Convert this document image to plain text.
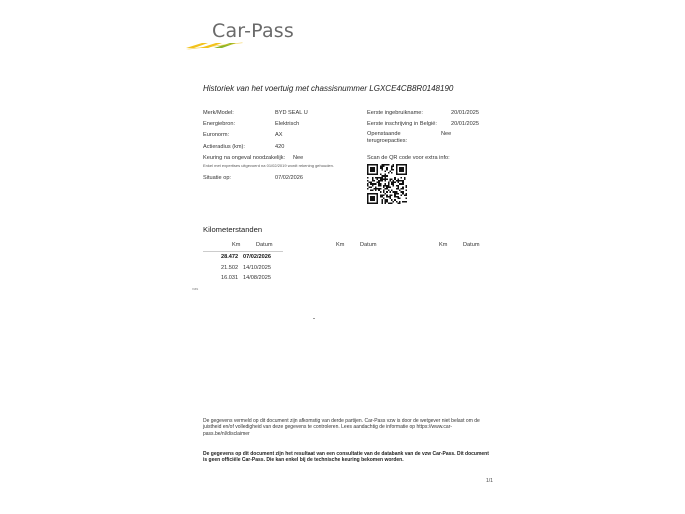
Car-Pass
Historiek van het voertuig met chassisnummer LGXCE4CB8R0148190
Merk/Model:	BYD SEAL U
Energiebron:	Elektrisch
Euronorm:	AX
Actieradius (km):	420
Keuring na ongeval noodzakelijk: Nee
Enkel met expertises uitgevoerd na 01/02/2019 wordt rekening gehouden.
Situatie op:	07/02/2026
Eerste ingebruikname:	20/01/2025
Eerste inschrijving in België:	20/01/2025
Openstaande
terugroepacties:
Nee
Scan de QR code voor extra info:
Kilometerstanden
Km	Datum	Km	Datum	Km	Datum
28.472 07/02/2026
21.502 14/10/2025
16.031 14/08/2025
vas
De gegevens vermeld op dit document zijn afkomstig van derde partijen. Car-Pass vzw is door de wetgever niet belast om de juistheid en/of volledigheid van deze gegevens te controleren. Lees aandachtig de informatie op https://www.car-pass.be/nl/disclaimer
De gegevens op dit document zijn het resultaat van een consultatie van de databank van de vzw Car-Pass. Dit document is geen officiële Car-Pass. Die kan enkel bij de technische keuring bekomen worden.
1/1
